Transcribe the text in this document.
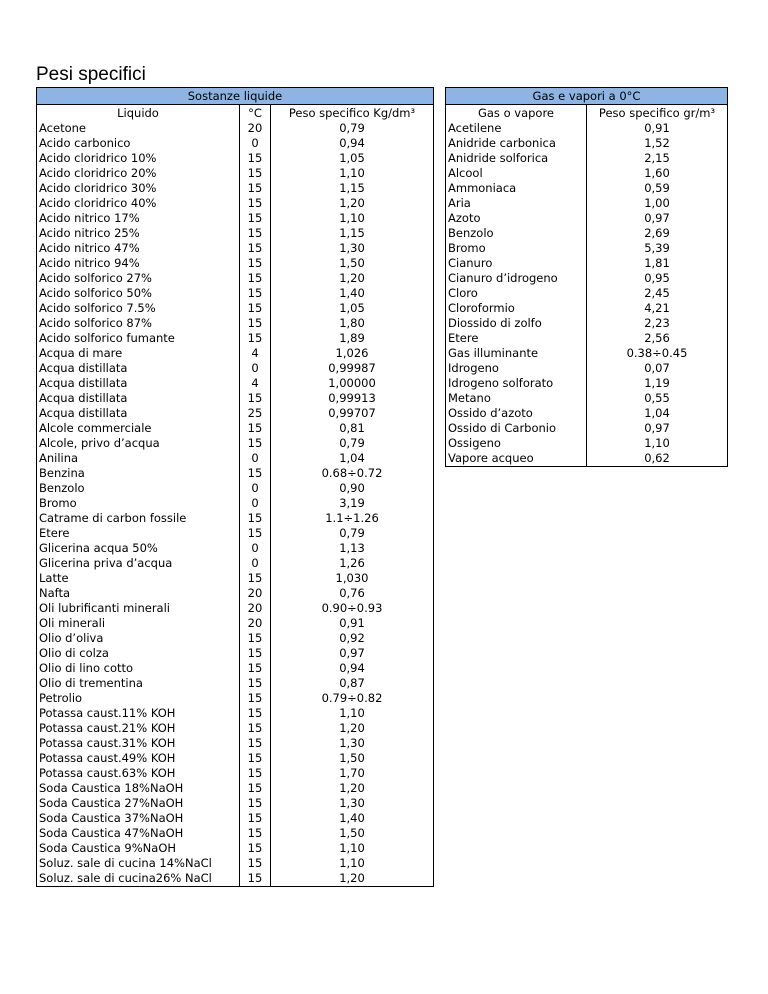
Pesi specifici
Sostanze liquide		
Liquido	°C	Peso specifico Kg/dm³
Acetone	20	0,79
Acido carbonico	0	0,94
Acido cloridrico 10%	15	1,05
Acido cloridrico 20%	15	1,10
Acido cloridrico 30%	15	1,15
Acido cloridrico 40%	15	1,20
Acido nitrico 17%	15	1,10
Acido nitrico 25%	15	1,15
Acido nitrico 47%	15	1,30
Acido nitrico 94%	15	1,50
Acido solforico 27%	15	1,20
Acido solforico 50%	15	1,40
Acido solforico 7.5%	15	1,05
Acido solforico 87%	15	1,80
Acido solforico fumante	15	1,89
Acqua di mare	4	1,026
Acqua distillata	0	0,99987
Acqua distillata	4	1,00000
Acqua distillata	15	0,99913
Acqua distillata	25	0,99707
Alcole commerciale	15	0,81
Alcole, privo d’acqua	15	0,79
Anilina	0	1,04
Benzina	15	0.68÷0.72
Benzolo	0	0,90
Bromo	0	3,19
Catrame di carbon fossile	15	1.1÷1.26
Etere	15	0,79
Glicerina acqua 50%	0	1,13
Glicerina priva d’acqua	0	1,26
Latte	15	1,030
Nafta	20	0,76
Oli lubrificanti minerali	20	0.90÷0.93
Oli minerali	20	0,91
Olio d’oliva	15	0,92
Olio di colza	15	0,97
Olio di lino cotto	15	0,94
Olio di trementina	15	0,87
Petrolio	15	0.79÷0.82
Potassa caust.11% KOH	15	1,10
Potassa caust.21% KOH	15	1,20
Potassa caust.31% KOH	15	1,30
Potassa caust.49% KOH	15	1,50
Potassa caust.63% KOH	15	1,70
Soda Caustica 18%NaOH	15	1,20
Soda Caustica 27%NaOH	15	1,30
Soda Caustica 37%NaOH	15	1,40
Soda Caustica 47%NaOH	15	1,50
Soda Caustica 9%NaOH	15	1,10
Soluz. sale di cucina 14%NaCl	15	1,10
Soluz. sale di cucina26% NaCl	15	1,20
Gas e vapori a 0°C	
Gas o vapore	Peso specifico gr/m³
Acetilene	0,91
Anidride carbonica	1,52
Anidride solforica	2,15
Alcool	1,60
Ammoniaca	0,59
Aria	1,00
Azoto	0,97
Benzolo	2,69
Bromo	5,39
Cianuro	1,81
Cianuro d’idrogeno	0,95
Cloro	2,45
Cloroformio	4,21
Diossido di zolfo	2,23
Etere	2,56
Gas illuminante	0.38÷0.45
Idrogeno	0,07
Idrogeno solforato	1,19
Metano	0,55
Ossido d’azoto	1,04
Ossido di Carbonio	0,97
Ossigeno	1,10
Vapore acqueo	0,62
